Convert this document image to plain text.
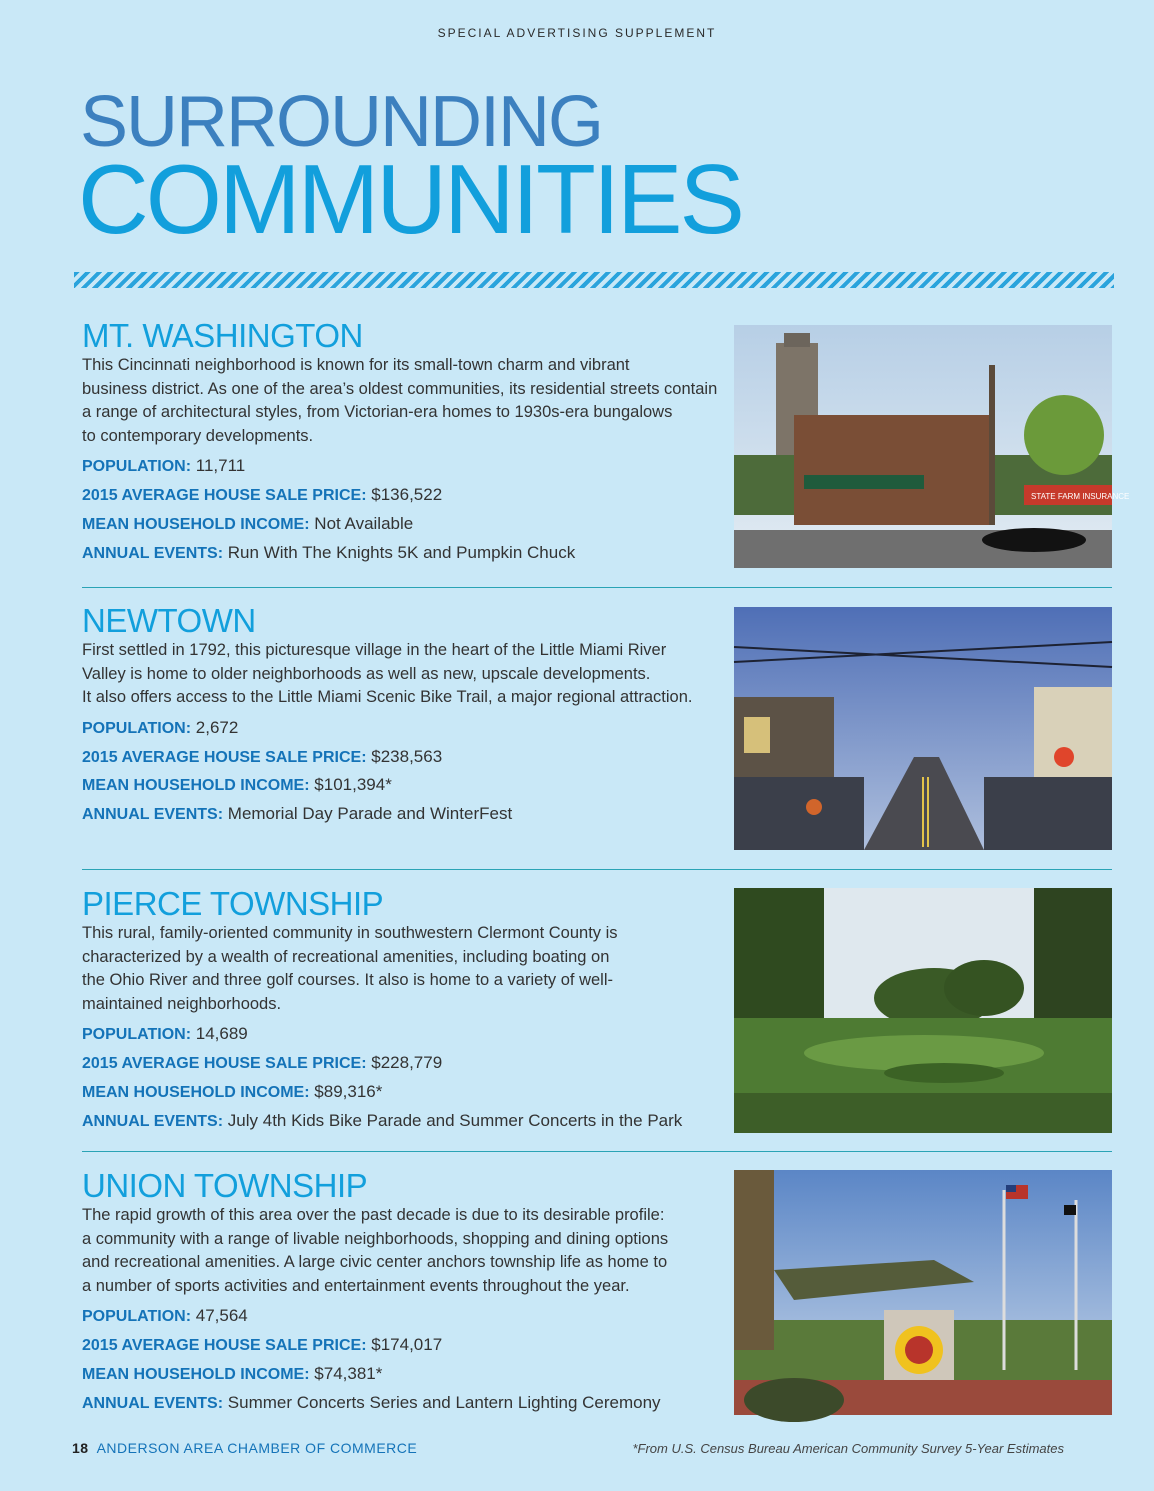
SPECIAL ADVERTISING SUPPLEMENT
SURROUNDING
COMMUNITIES
MT. WASHINGTON

This Cincinnati neighborhood is known for its small-town charm and vibrant
business district. As one of the area’s oldest communities, its residential streets contain
a range of architectural styles, from Victorian-era homes to 1930s-era bungalows
to contemporary developments.

POPULATION: 11,711

2015 AVERAGE HOUSE SALE PRICE: $136,522

MEAN HOUSEHOLD INCOME: Not Available

ANNUAL EVENTS: Run With The Knights 5K and Pumpkin Chuck

STATE FARM INSURANCE
NEWTOWN

First settled in 1792, this picturesque village in the heart of the Little Miami River
Valley is home to older neighborhoods as well as new, upscale developments.
It also offers access to the Little Miami Scenic Bike Trail, a major regional attraction.

POPULATION: 2,672

2015 AVERAGE HOUSE SALE PRICE: $238,563

MEAN HOUSEHOLD INCOME: $101,394*

ANNUAL EVENTS: Memorial Day Parade and WinterFest

PIERCE TOWNSHIP

This rural, family-oriented community in southwestern Clermont County is
characterized by a wealth of recreational amenities, including boating on
the Ohio River and three golf courses. It also is home to a variety of well-
maintained neighborhoods.

POPULATION: 14,689

2015 AVERAGE HOUSE SALE PRICE: $228,779

MEAN HOUSEHOLD INCOME: $89,316*

ANNUAL EVENTS: July 4th Kids Bike Parade and Summer Concerts in the Park

UNION TOWNSHIP

The rapid growth of this area over the past decade is due to its desirable profile:
a community with a range of livable neighborhoods, shopping and dining options
and recreational amenities. A large civic center anchors township life as home to
a number of sports activities and entertainment events throughout the year.

POPULATION: 47,564

2015 AVERAGE HOUSE SALE PRICE: $174,017

MEAN HOUSEHOLD INCOME: $74,381*

ANNUAL EVENTS: Summer Concerts Series and Lantern Lighting Ceremony

18 ANDERSON AREA CHAMBER OF COMMERCE	*From U.S. Census Bureau American Community Survey 5-Year Estimates
